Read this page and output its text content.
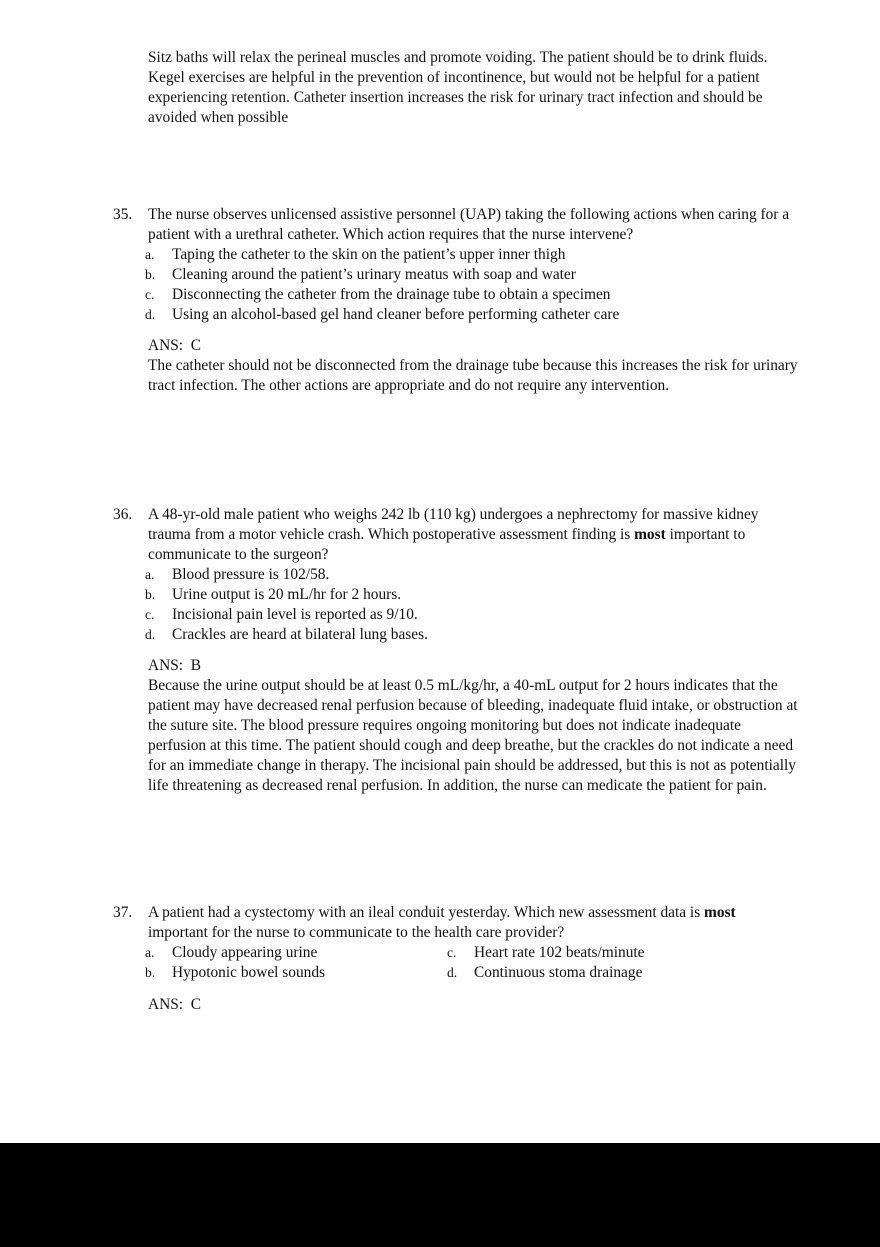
Sitz baths will relax the perineal muscles and promote voiding. The patient should be to drink fluids. Kegel exercises are helpful in the prevention of incontinence, but would not be helpful for a patient experiencing retention. Catheter insertion increases the risk for urinary tract infection and should be avoided when possible
35.	The nurse observes unlicensed assistive personnel (UAP) taking the following actions when caring for a patient with a urethral catheter. Which action requires that the nurse intervene?
a.	Taping the catheter to the skin on the patient’s upper inner thigh
b.	Cleaning around the patient’s urinary meatus with soap and water
c.	Disconnecting the catheter from the drainage tube to obtain a specimen
d.	Using an alcohol-based gel hand cleaner before performing catheter care
ANS: C
The catheter should not be disconnected from the drainage tube because this increases the risk for urinary tract infection. The other actions are appropriate and do not require any intervention.
36.	A 48-yr-old male patient who weighs 242 lb (110 kg) undergoes a nephrectomy for massive kidney trauma from a motor vehicle crash. Which postoperative assessment finding is most important to communicate to the surgeon?
a.	Blood pressure is 102/58.
b.	Urine output is 20 mL/hr for 2 hours.
c.	Incisional pain level is reported as 9/10.
d.	Crackles are heard at bilateral lung bases.
ANS: B
Because the urine output should be at least 0.5 mL/kg/hr, a 40-mL output for 2 hours indicates that the patient may have decreased renal perfusion because of bleeding, inadequate fluid intake, or obstruction at the suture site. The blood pressure requires ongoing monitoring but does not indicate inadequate perfusion at this time. The patient should cough and deep breathe, but the crackles do not indicate a need for an immediate change in therapy. The incisional pain should be addressed, but this is not as potentially life threatening as decreased renal perfusion. In addition, the nurse can medicate the patient for pain.
37.	A patient had a cystectomy with an ileal conduit yesterday. Which new assessment data is most important for the nurse to communicate to the health care provider?
a.	Cloudy appearing urine
b.	Hypotonic bowel sounds
c.	Heart rate 102 beats/minute
d.	Continuous stoma drainage
ANS: C
